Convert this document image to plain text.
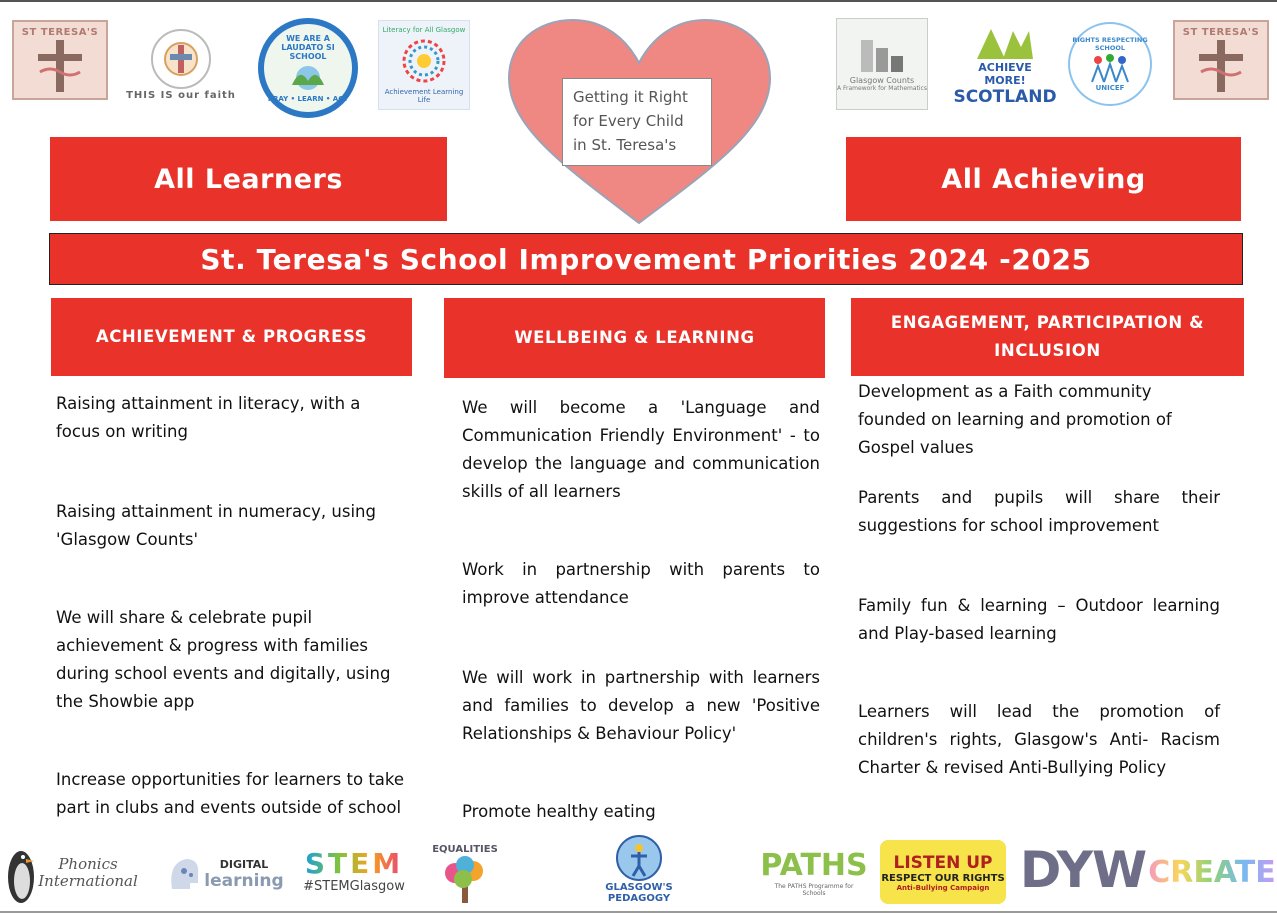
ST TERESA'S
THIS IS our faith
WE ARE A LAUDATO SI SCHOOL
PRAY • LEARN • ACT
Literacy for All Glasgow
Achievement Learning Life	Getting it Right for Every Child in St. Teresa's
Glasgow Counts
A Framework for Mathematics
ACHIEVE MORE!
SCOTLAND
RIGHTS RESPECTING SCHOOL
UNICEF
ST TERESA'S
All Learners	All Achieving
St. Teresa's School Improvement Priorities 2024 -2025
ACHIEVEMENT & PROGRESS	WELLBEING & LEARNING
ENGAGEMENT, PARTICIPATION & INCLUSION
Raising attainment in literacy, with a focus on writing
Raising attainment in numeracy, using 'Glasgow Counts'
We will share & celebrate pupil achievement & progress with families during school events and digitally, using the Showbie app
Increase opportunities for learners to take part in clubs and events outside of school
We will become a 'Language and Communication Friendly Environment' - to develop the language and communication skills of all learners
Work in partnership with parents to improve attendance
We will work in partnership with learners and families to develop a new 'Positive Relationships & Behaviour Policy'
Promote healthy eating
Development as a Faith community founded on learning and promotion of Gospel values
Parents and pupils will share their suggestions for school improvement
Family fun & learning – Outdoor learning and Play-based learning
Learners will lead the promotion of children's rights, Glasgow's Anti- Racism Charter & revised Anti-Bullying Policy
Phonics
International
DIGITAL
learning
STEM
#STEMGlasgow
EQUALITIES
GLASGOW'S
PEDAGOGY
PATHS
The PATHS Programme for Schools
LISTEN UP
RESPECT OUR RIGHTS
Anti-Bullying Campaign DYW CREATE
